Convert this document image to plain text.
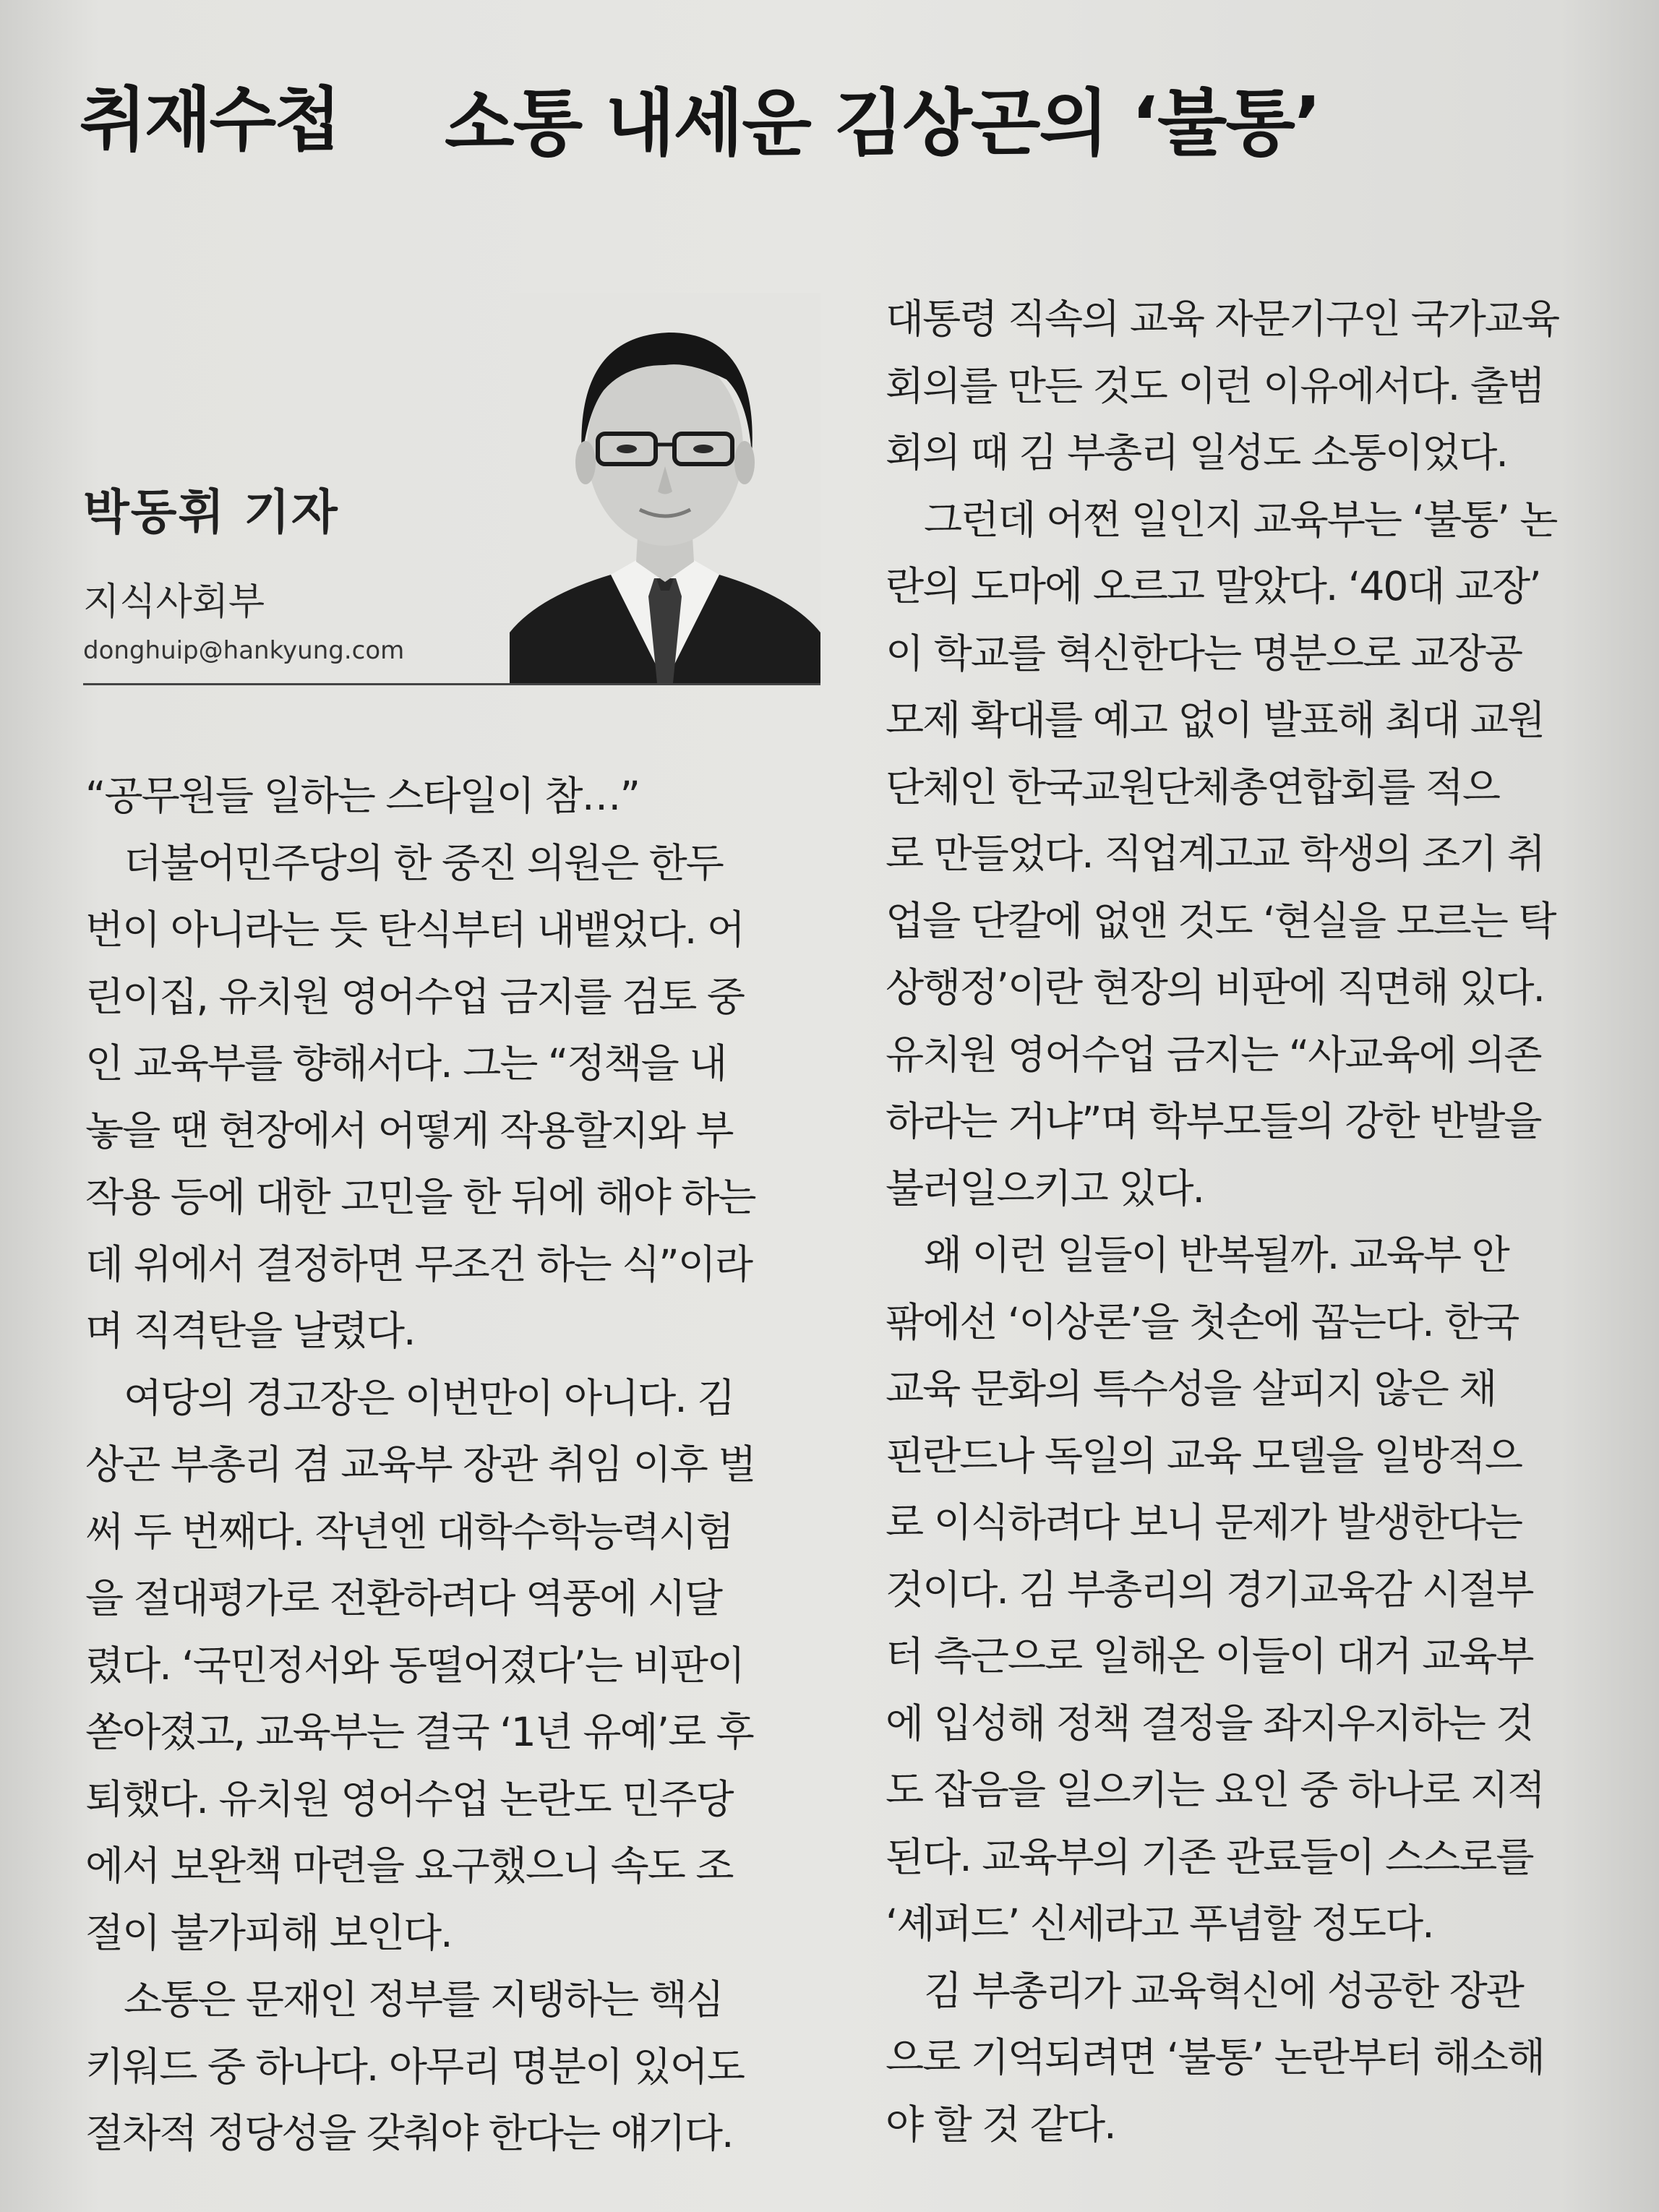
취재수첩 소통 내세운 김상곤의 ‘불통’
박동휘 기자
지식사회부
donghuip@hankyung.com

“공무원들 일하는 스타일이 참…”

　더불어민주당의 한 중진 의원은 한두

번이 아니라는 듯 탄식부터 내뱉었다. 어

린이집, 유치원 영어수업 금지를 검토 중

인 교육부를 향해서다. 그는 “정책을 내

놓을 땐 현장에서 어떻게 작용할지와 부

작용 등에 대한 고민을 한 뒤에 해야 하는

데 위에서 결정하면 무조건 하는 식”이라

며 직격탄을 날렸다.

　여당의 경고장은 이번만이 아니다. 김

상곤 부총리 겸 교육부 장관 취임 이후 벌

써 두 번째다. 작년엔 대학수학능력시험

을 절대평가로 전환하려다 역풍에 시달

렸다. ‘국민정서와 동떨어졌다’는 비판이

쏟아졌고, 교육부는 결국 ‘1년 유예’로 후

퇴했다. 유치원 영어수업 논란도 민주당

에서 보완책 마련을 요구했으니 속도 조

절이 불가피해 보인다.

　소통은 문재인 정부를 지탱하는 핵심

키워드 중 하나다. 아무리 명분이 있어도

절차적 정당성을 갖춰야 한다는 얘기다.

대통령 직속의 교육 자문기구인 국가교육

회의를 만든 것도 이런 이유에서다. 출범

회의 때 김 부총리 일성도 소통이었다.

　그런데 어쩐 일인지 교육부는 ‘불통’ 논

란의 도마에 오르고 말았다. ‘40대 교장’

이 학교를 혁신한다는 명분으로 교장공

모제 확대를 예고 없이 발표해 최대 교원

단체인 한국교원단체총연합회를 적으

로 만들었다. 직업계고교 학생의 조기 취

업을 단칼에 없앤 것도 ‘현실을 모르는 탁

상행정’이란 현장의 비판에 직면해 있다.

유치원 영어수업 금지는 “사교육에 의존

하라는 거냐”며 학부모들의 강한 반발을

불러일으키고 있다.

　왜 이런 일들이 반복될까. 교육부 안

팎에선 ‘이상론’을 첫손에 꼽는다. 한국

교육 문화의 특수성을 살피지 않은 채

핀란드나 독일의 교육 모델을 일방적으

로 이식하려다 보니 문제가 발생한다는

것이다. 김 부총리의 경기교육감 시절부

터 측근으로 일해온 이들이 대거 교육부

에 입성해 정책 결정을 좌지우지하는 것

도 잡음을 일으키는 요인 중 하나로 지적

된다. 교육부의 기존 관료들이 스스로를

‘셰퍼드’ 신세라고 푸념할 정도다.

　김 부총리가 교육혁신에 성공한 장관

으로 기억되려면 ‘불통’ 논란부터 해소해

야 할 것 같다.
